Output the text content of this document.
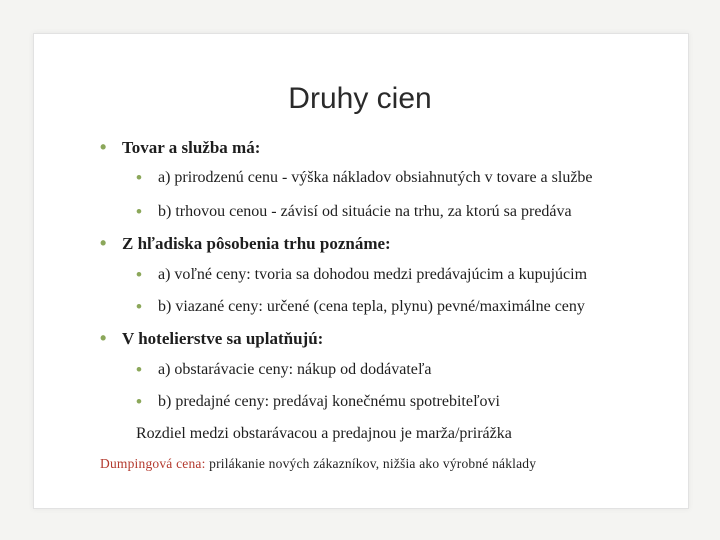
Druhy cien
• Tovar a služba má:
• a) prirodzenú cenu - výška nákladov obsiahnutých v tovare a službe
• b) trhovou cenou - závisí od situácie na trhu, za ktorú sa predáva
• Z hľadiska pôsobenia trhu poznáme:
• a) voľné ceny: tvoria sa dohodou medzi predávajúcim a kupujúcim
• b) viazané ceny: určené (cena tepla, plynu) pevné/maximálne ceny
• V hotelierstve sa uplatňujú:
• a) obstarávacie ceny: nákup od dodávateľa
• b) predajné ceny: predávaj konečnému spotrebiteľovi
Rozdiel medzi obstarávacou a predajnou je marža/prirážka
Dumpingová cena: prilákanie nových zákazníkov, nižšia ako výrobné náklady
